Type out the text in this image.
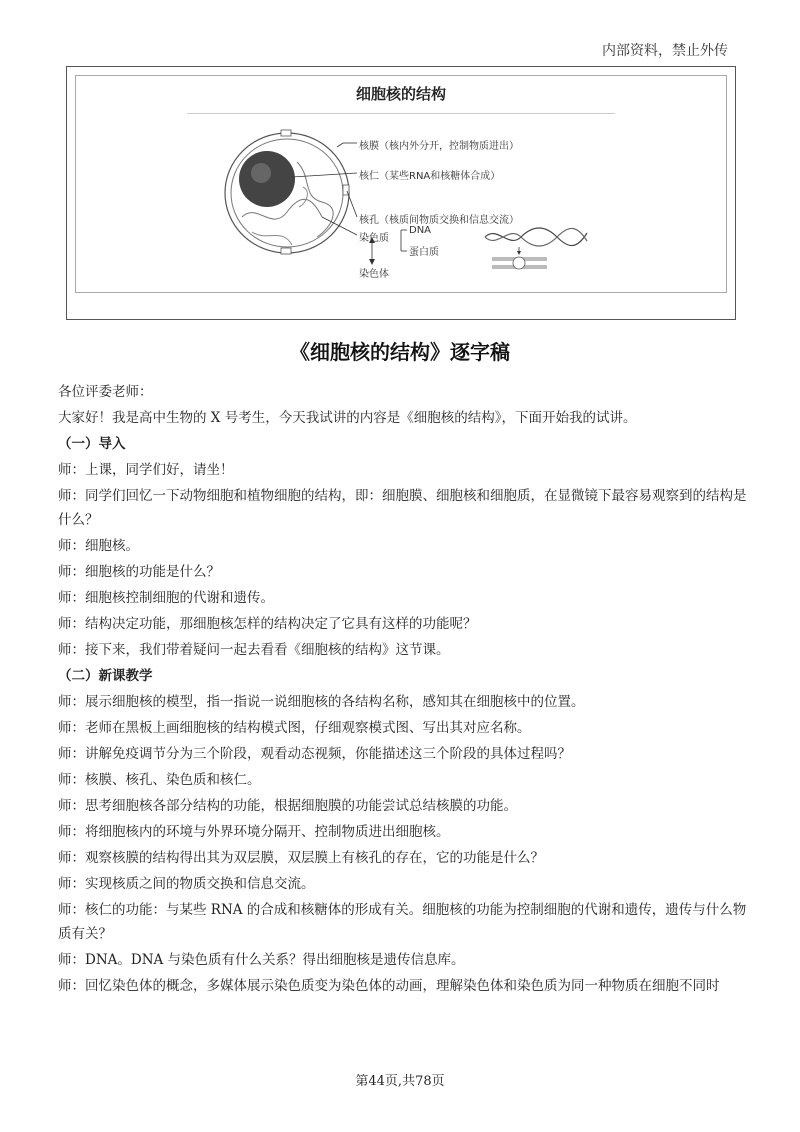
内部资料，禁止外传
细胞核的结构
核膜（核内外分开，控制物质进出）
核仁（某些RNA和核糖体合成）
核孔（核质间物质交换和信息交流）
染色质
DNA
蛋白质
染色体
《细胞核的结构》逐字稿
各位评委老师：
大家好！我是高中生物的 X 号考生，今天我试讲的内容是《细胞核的结构》，下面开始我的试讲。
（一）导入
师：上课，同学们好，请坐！
师：同学们回忆一下动物细胞和植物细胞的结构，即：细胞膜、细胞核和细胞质，在显微镜下最容易观察到的结构是什么？
师：细胞核。
师：细胞核的功能是什么？
师：细胞核控制细胞的代谢和遗传。
师：结构决定功能，那细胞核怎样的结构决定了它具有这样的功能呢？
师：接下来，我们带着疑问一起去看看《细胞核的结构》这节课。
（二）新课教学
师：展示细胞核的模型，指一指说一说细胞核的各结构名称，感知其在细胞核中的位置。
师：老师在黑板上画细胞核的结构模式图，仔细观察模式图、写出其对应名称。
师：讲解免疫调节分为三个阶段，观看动态视频，你能描述这三个阶段的具体过程吗？
师：核膜、核孔、染色质和核仁。
师：思考细胞核各部分结构的功能，根据细胞膜的功能尝试总结核膜的功能。
师：将细胞核内的环境与外界环境分隔开、控制物质进出细胞核。
师：观察核膜的结构得出其为双层膜，双层膜上有核孔的存在，它的功能是什么？
师：实现核质之间的物质交换和信息交流。
师：核仁的功能：与某些 RNA 的合成和核糖体的形成有关。细胞核的功能为控制细胞的代谢和遗传，遗传与什么物质有关？
师：DNA。DNA 与染色质有什么关系？得出细胞核是遗传信息库。
师：回忆染色体的概念，多媒体展示染色质变为染色体的动画，理解染色体和染色质为同一种物质在细胞不同时
第44页,共78页
